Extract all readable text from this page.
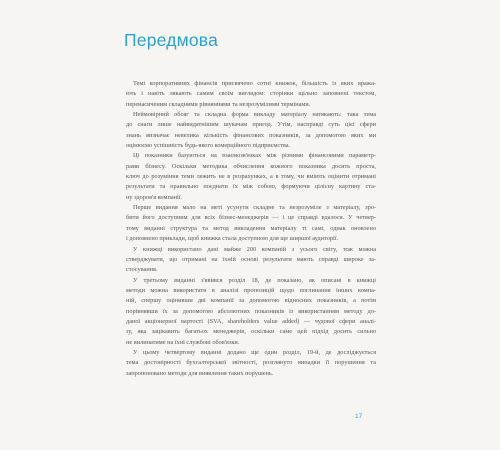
Передмова

Темі корпоративних фінансів присвячено сотні книжок, більшість із яких вража-
ють і навіть лякають самим своїм виглядом: сторінки щільно заповнені текстом,
перенасиченим складними рівняннями та незрозумілими термінами.

Неймовірний обсяг та складна форма викладу матеріалу натякають: така тема
до снаги лише найвидатнішим шукачам пригод. Утім, насправді суть цієї сфери
знань визначає невелика кількість фінансових показників, за допомогою яких ми
оцінюємо успішність будь-якого комерційного підприємства.

Ці показники базуються на взаємозв'язках між різними фінансовими параметр-
рами бізнесу. Оскільки методика обчислення кожного показника досить проста,
ключ до розуміння теми лежить не в розрахунках, а в тому, чи вміють оцінити отримані
результати та правильно поєднати їх між собою, формуючи цілісну картину ста-
ну здоров'я компанії.

Перше видання мало на меті усунути складне та незрозуміле з матеріалу, зро-
бити його доступним для всіх бізнес-менеджерів — і це справді вдалося. У четвер-
тому виданні структура та метод викладення матеріалу ті самі, однак оновлено
і доповнено приклади, щоб книжка стала доступною для ще ширшої аудиторії.

У книжці використано дані майже 200 компаній з усього світу, тож можна
стверджувати, що отримані на їхній основі результати мають справді широке за-
стосування.

У третьому виданні з'явився розділ 18, де показано, як описані в книжці
методи можна використати в аналізі пропозицій щодо поглинання інших компа-
ній, спершу оцінивши дві компанії за допомогою відносних показників, а потім
порівнявши їх за допомогою абсолютних показників із використанням методу до-
даної акціонерної вартості (SVA, shareholders value added) — чудової сфери аналі-
зу, яка зацікавить багатьох менеджерів, оскільки саме цей підхід досить сильно
не вилинатиме на їхні службові обов'язки.

У цьому четвертому виданні додано ще один розділ, 19-й, де досліджується
тема достовірності бухгалтерської звітності, розглянуто випадки її порушення та
запропоновано методи для виявлення таких порушень.

17
